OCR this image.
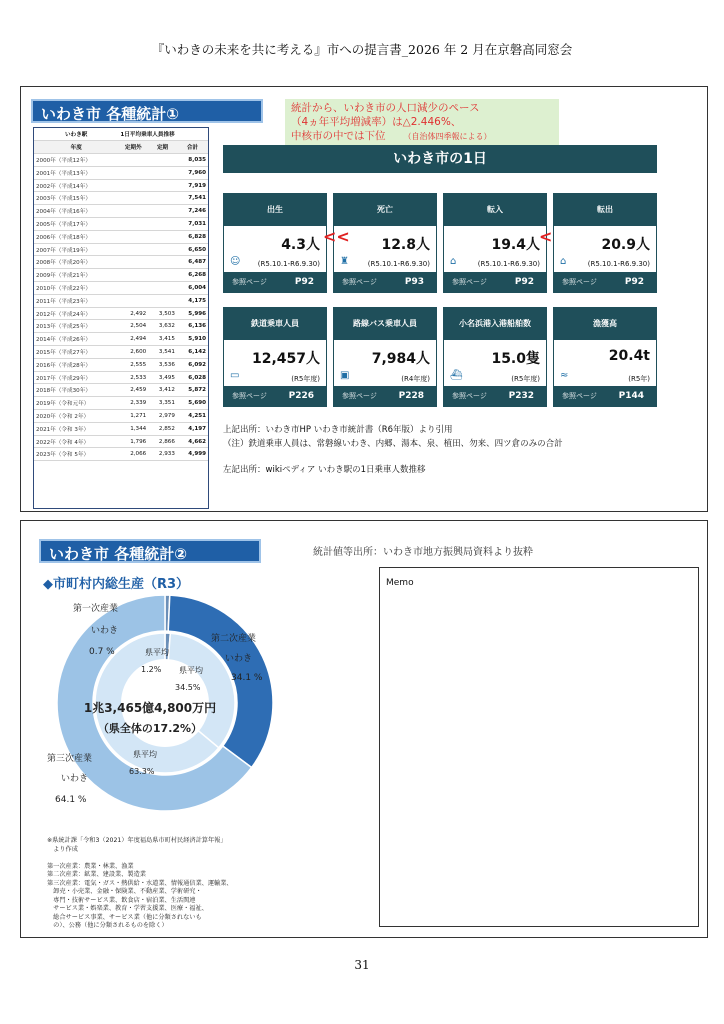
『いわきの未来を共に考える』市への提言書_2026 年 2 月在京磐高同窓会
いわき市 各種統計①
いわき駅	1日平均乗車人員推移		
年度	定期外	定期	合計
2000年（平成12年）			8,035
2001年（平成13年）			7,960
2002年（平成14年）			7,919
2003年（平成15年）			7,541
2004年（平成16年）			7,246
2005年（平成17年）			7,031
2006年（平成18年）			6,828
2007年（平成19年）			6,650
2008年（平成20年）			6,487
2009年（平成21年）			6,268
2010年（平成22年）			6,004
2011年（平成23年）			4,175
2012年（平成24年）	2,492	3,503	5,996
2013年（平成25年）	2,504	3,632	6,136
2014年（平成26年）	2,494	3,415	5,910
2015年（平成27年）	2,600	3,541	6,142
2016年（平成28年）	2,555	3,536	6,092
2017年（平成29年）	2,533	3,495	6,028
2018年（平成30年）	2,459	3,412	5,872
2019年（令和元年）	2,339	3,351	5,690
2020年（令和 2年）	1,271	2,979	4,251
2021年（令和 3年）	1,344	2,852	4,197
2022年（令和 4年）	1,796	2,866	4,662
2023年（令和 5年）	2,066	2,933	4,999
統計から、いわき市の人口減少のペース
（4ヵ年平均増減率）は△2.446%、
中核市の中では下位 （自治体四季報による）
いわき市の1日
出生
☺
4.3人
(R5.10.1-R6.9.30)
参照ページ	P92
死亡
♜
12.8人
(R5.10.1-R6.9.30)
参照ページ	P93
転入
⌂
19.4人
(R5.10.1-R6.9.30)
参照ページ	P92
転出
⌂
20.9人
(R5.10.1-R6.9.30)
参照ページ	P92
鉄道乗車人員
▭
12,457人
(R5年度)
参照ページ P226
路線バス乗車人員
▣
7,984人
(R4年度)
参照ページ P228
小名浜港入港船舶数
⛴
15.0隻
(R5年度)
参照ページ P232
漁獲高
≈
20.4t
(R5年)
参照ページ P144
<<	<
上記出所：いわき市HP いわき市統計書（R6年版）より引用
（注）鉄道乗車人員は、常磐線いわき、内郷、湯本、泉、植田、勿来、四ツ倉のみの合計
左記出所：wikiペディア いわき駅の1日乗車人数推移
いわき市 各種統計②	統計値等出所：いわき市地方振興局資料より抜粋
◆市町村内総生産（R3）
第一次産業
いわき
0.7 %	県平均
1.2%
第二次産業
いわき
34.1 %
県平均
34.5%
第三次産業
いわき
64.1 %
県平均
63.3%
1兆3,465億4,800万円
（県全体の17.2%）
※県統計課「令和3（2021）年度福島県市町村民経済計算年報」
　より作成
第一次産業：農業・林業、漁業
第二次産業：鉱業、建設業、製造業
第三次産業：電気・ガス・熱供給・水道業、情報通信業、運輸業、
　卸売・小売業、金融・保険業、不動産業、学術研究・
　専門・技術サービス業、飲食店・宿泊業、生活関連
　サービス業・娯楽業、教育・学習支援業、医療・福祉、
　総合サービス事業、サービス業（他に分類されないも
　の）、公務（他に分類されるものを除く）
Memo
31
